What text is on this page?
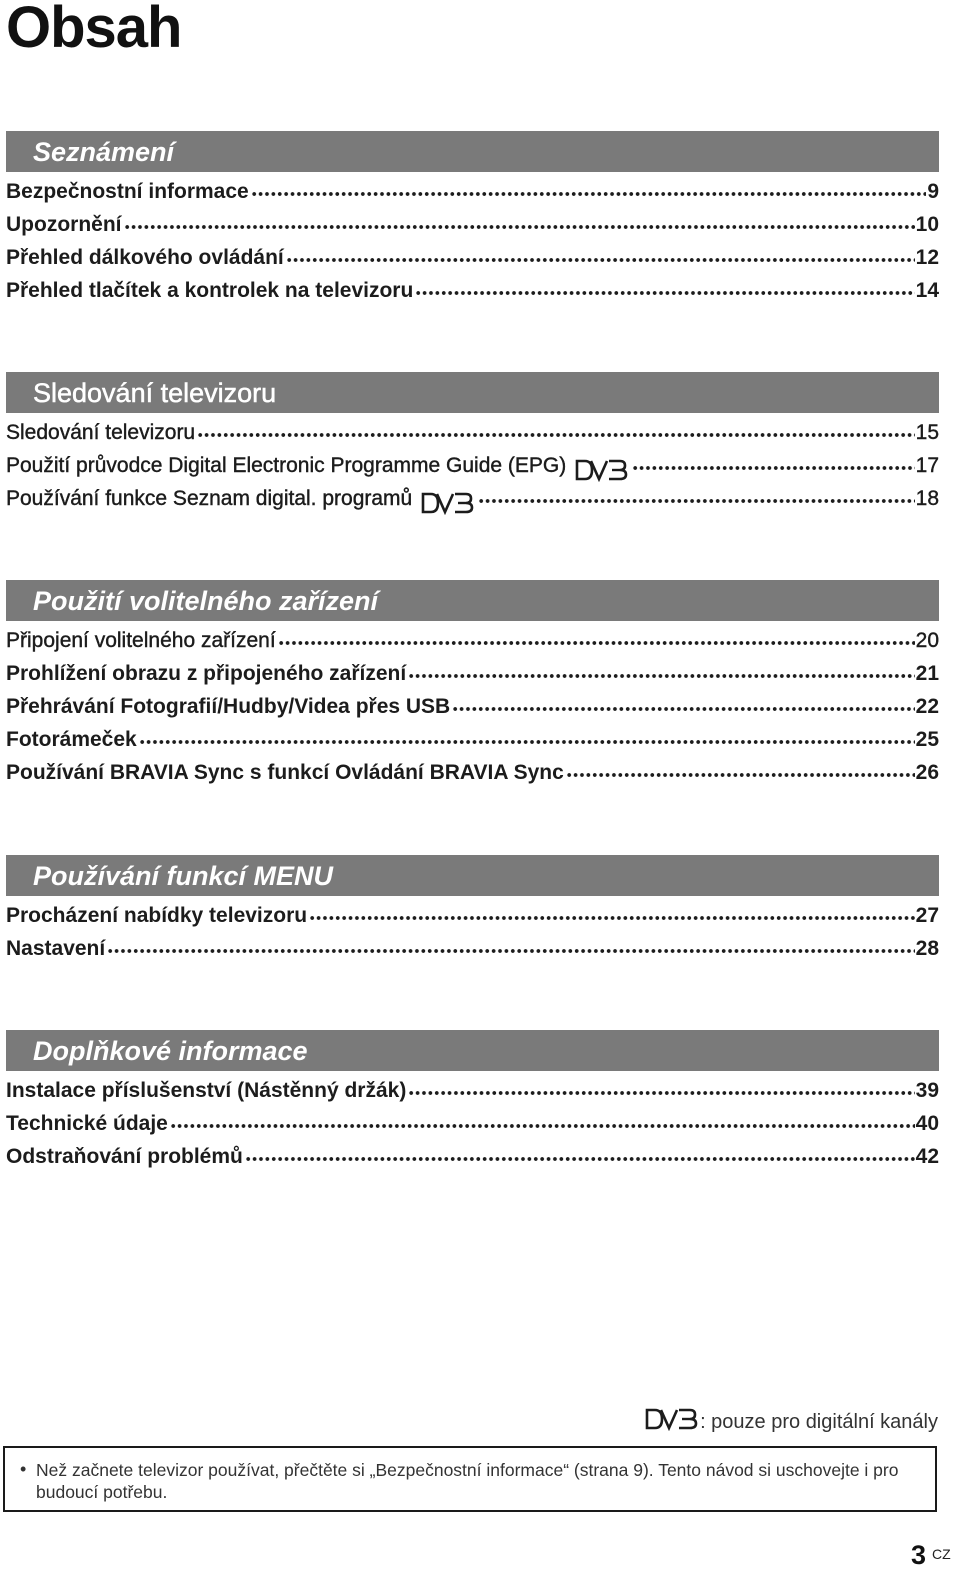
Obsah
Seznámení
Bezpečnostní informace	9
Upozornění	10
Přehled dálkového ovládání	12
Přehled tlačítek a kontrolek na televizoru	14
Sledování televizoru
Sledování televizoru	15
Použití průvodce Digital Electronic Programme Guide (EPG)	17
Používání funkce Seznam digital. programů	18
Použití volitelného zařízení
Připojení volitelného zařízení	20
Prohlížení obrazu z připojeného zařízení	21
Přehrávání Fotografií/Hudby/Videa přes USB	22
Fotorámeček	25
Používání BRAVIA Sync s funkcí Ovládání BRAVIA Sync	26
Používání funkcí MENU
Procházení nabídky televizoru	27
Nastavení	28
Doplňkové informace
Instalace příslušenství (Nástěnný držák)	39
Technické údaje	40
Odstraňování problémů	42
: pouze pro digitální kanály
• Než začnete televizor používat, přečtěte si „Bezpečnostní informace“ (strana 9). Tento návod si uschovejte i pro budoucí potřebu.
3 CZ
